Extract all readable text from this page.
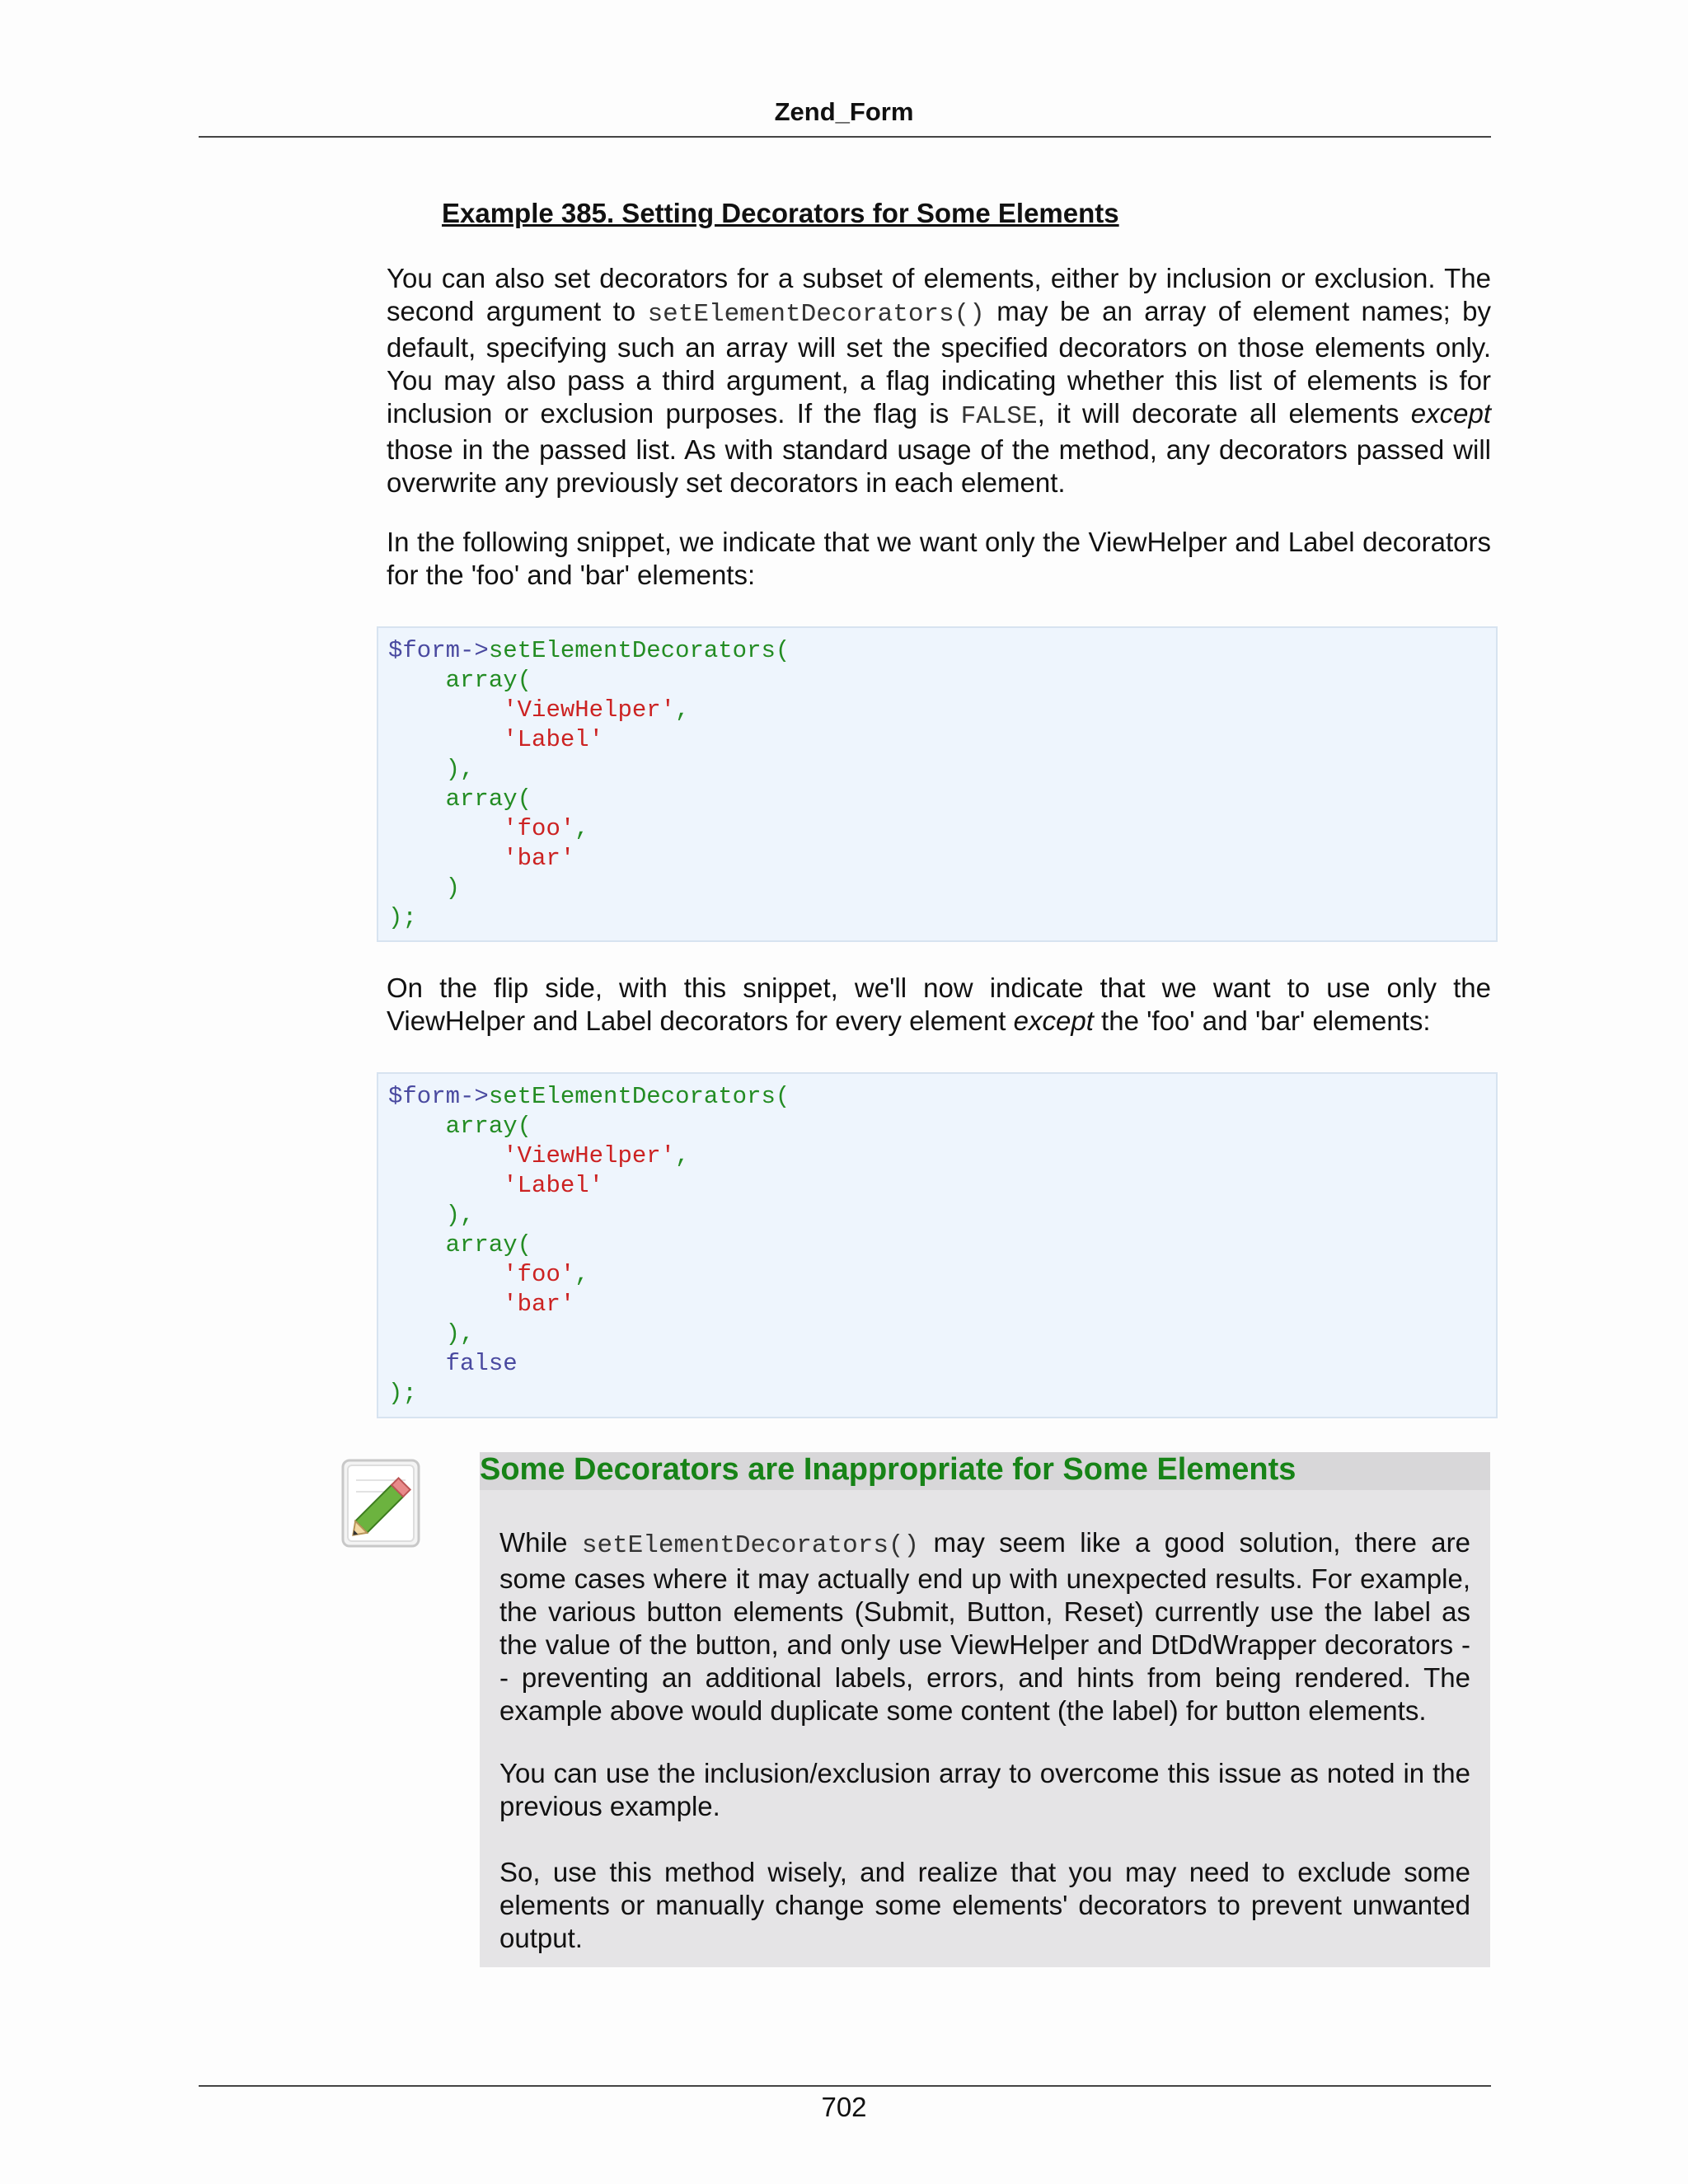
Zend_Form
Example 385. Setting Decorators for Some Elements

You can also set decorators for a subset of elements, either by inclusion or exclusion. The second argument to setElementDecorators() may be an array of element names; by default, specifying such an array will set the specified decorators on those elements only. You may also pass a third argument, a flag indicating whether this list of elements is for inclusion or exclusion purposes. If the flag is FALSE, it will decorate all elements except those in the passed list. As with standard usage of the method, any decorators passed will overwrite any previously set decorators in each element.

In the following snippet, we indicate that we want only the ViewHelper and Label decorators for the 'foo' and 'bar' elements:

$form->setElementDecorators(
array(
'ViewHelper',
'Label'
),
array(
'foo',
'bar'
)
);

On the flip side, with this snippet, we'll now indicate that we want to use only the ViewHelper and Label decorators for every element except the 'foo' and 'bar' elements:

$form->setElementDecorators(
array(
'ViewHelper',
'Label'
),
array(
'foo',
'bar'
),
false
);
Some Decorators are Inappropriate for Some Elements

While setElementDecorators() may seem like a good solution, there are some cases where it may actually end up with unexpected results. For example, the various button elements (Submit, Button, Reset) currently use the label as the value of the button, and only use ViewHelper and DtDdWrapper decorators -- preventing an additional labels, errors, and hints from being rendered. The example above would duplicate some content (the label) for button elements.

You can use the inclusion/exclusion array to overcome this issue as noted in the previous example.

So, use this method wisely, and realize that you may need to exclude some elements or manually change some elements' decorators to prevent unwanted output.

702
